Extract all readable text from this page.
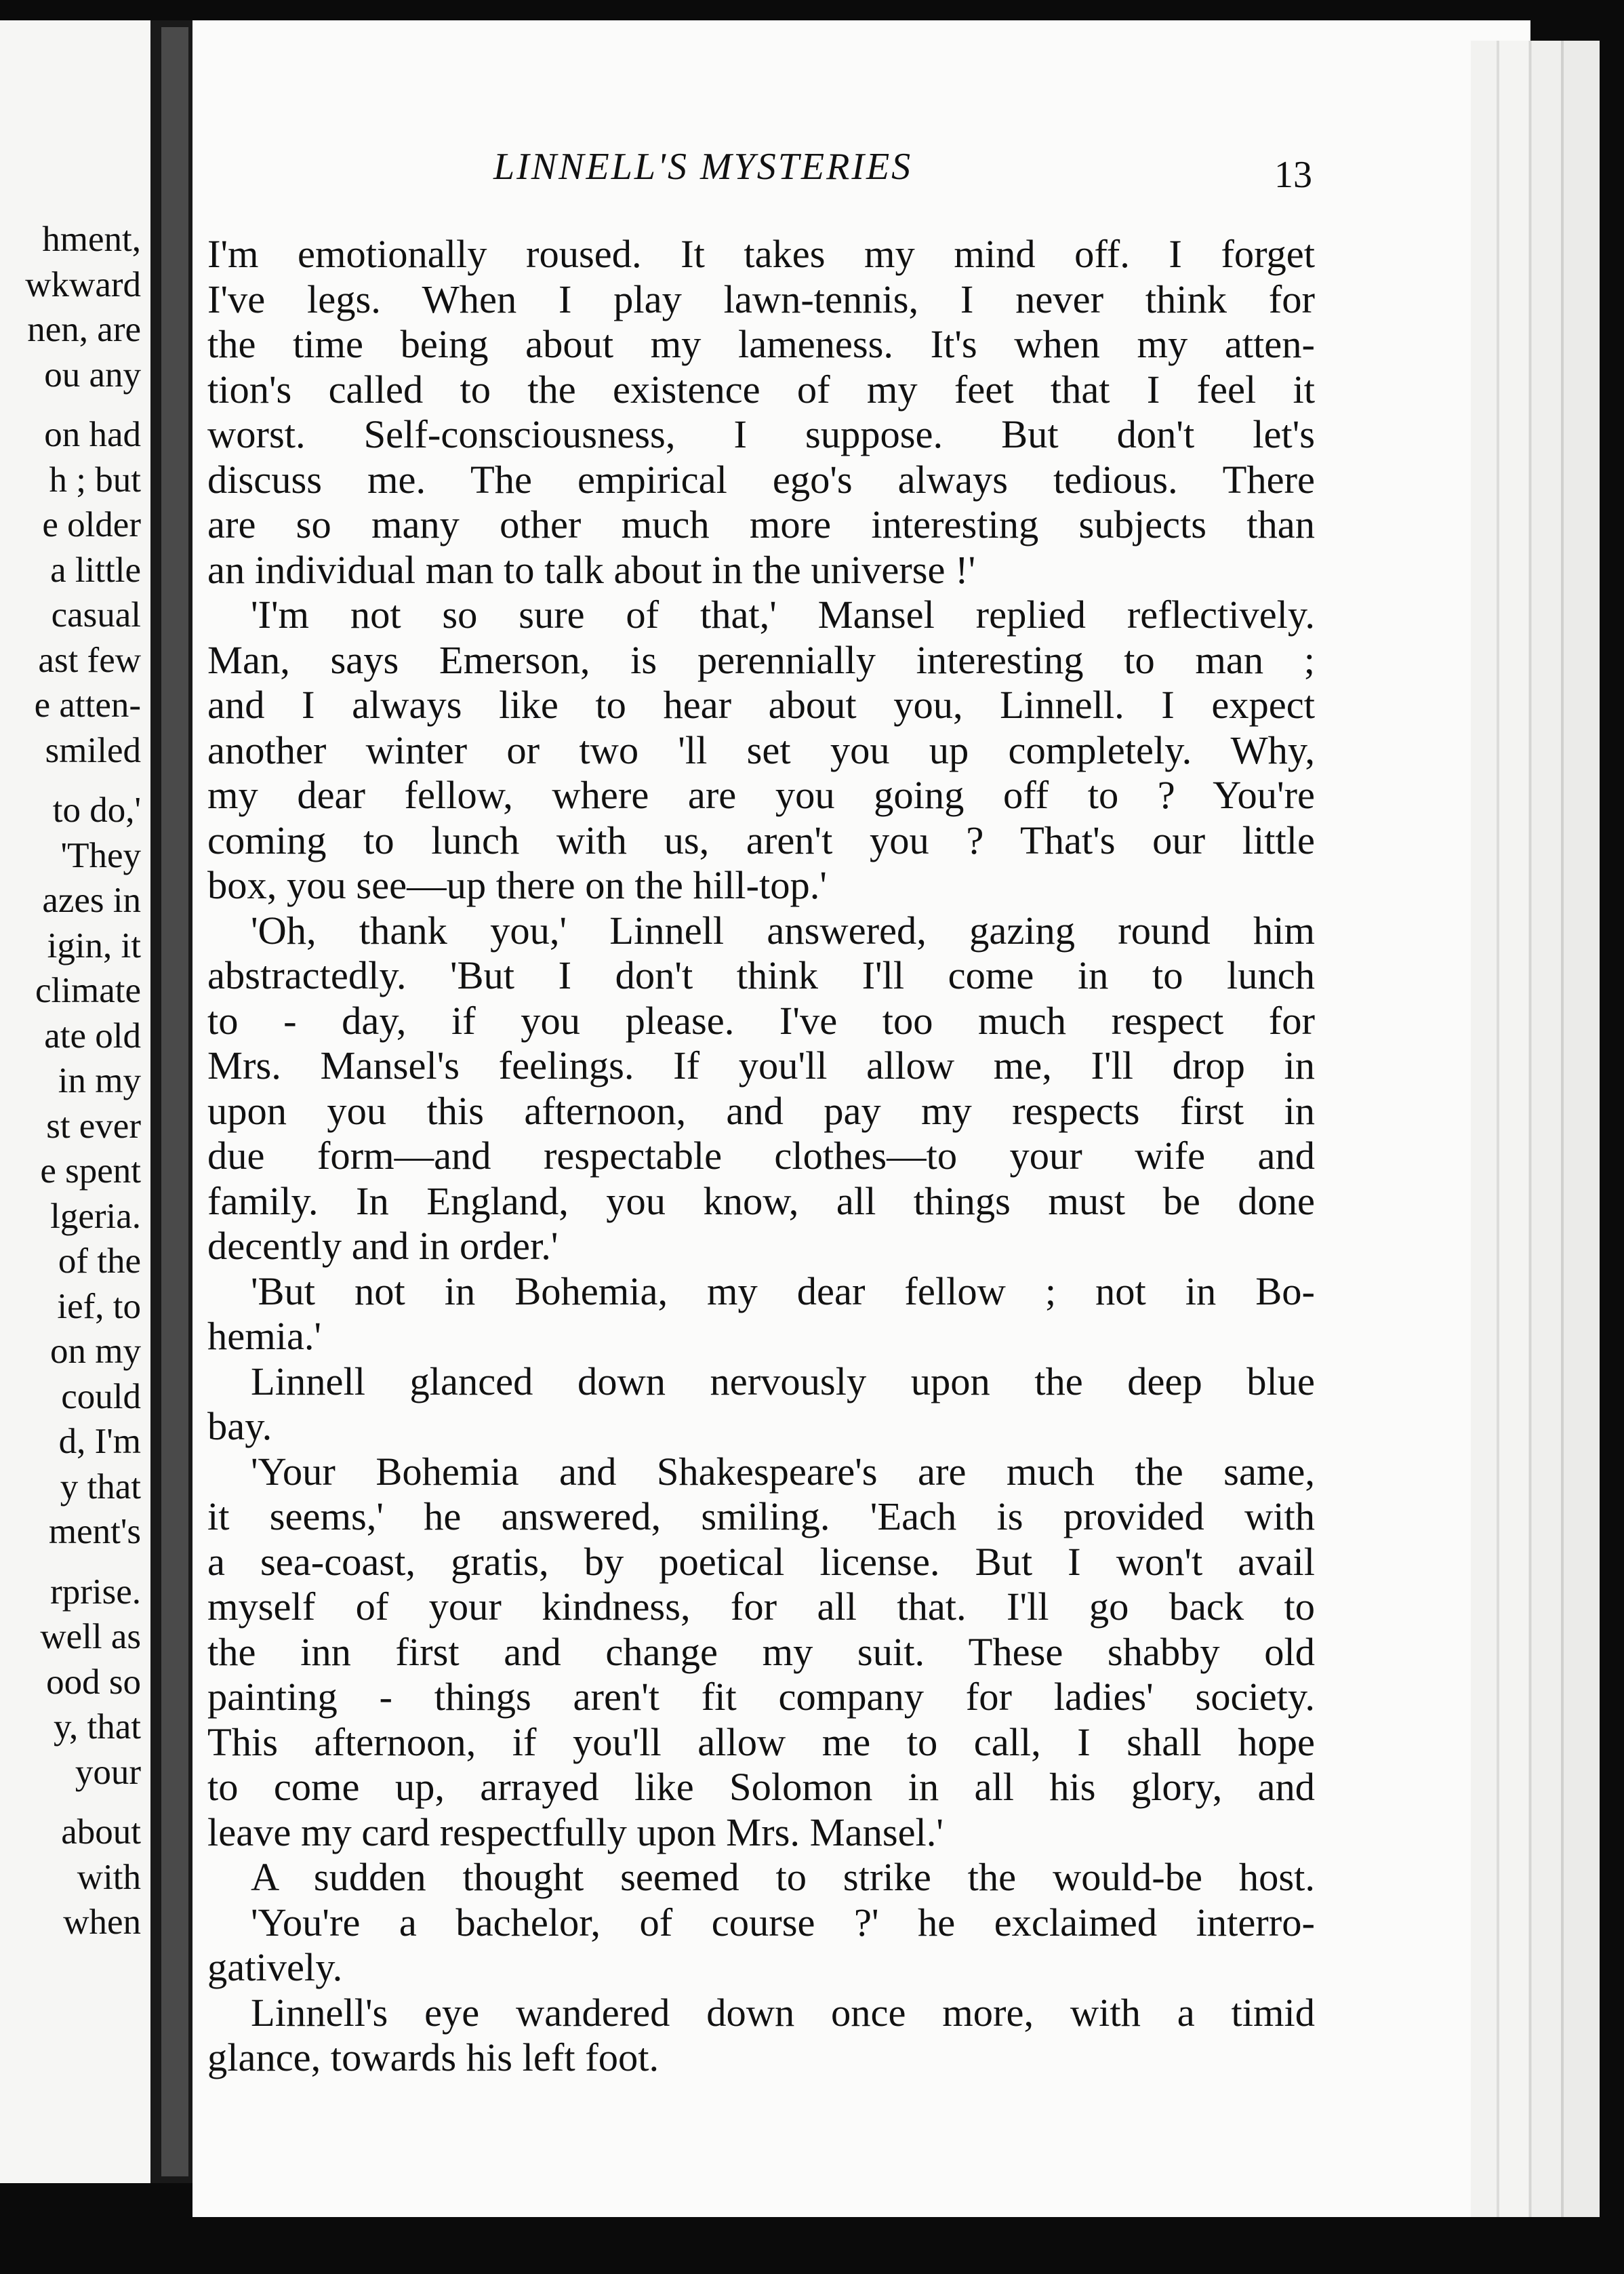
hment,
wkward
nen, are
ou any
on had
h ; but
e older
a little
casual
ast few
e atten-
smiled
to do,'
'They
azes in
igin, it
climate
ate old
in my
st ever
e spent
lgeria.
of the
ief, to
on my
could
d, I'm
y that
ment's
rprise.
well as
ood so
y, that
your
about
with
when
LINNELL'S MYSTERIES	13
I'm emotionally roused. It takes my mind off. I forget
I've legs. When I play lawn-tennis, I never think for
the time being about my lameness. It's when my atten-
tion's called to the existence of my feet that I feel it
worst. Self-consciousness, I suppose. But don't let's
discuss me. The empirical ego's always tedious. There
are so many other much more interesting subjects than
an individual man to talk about in the universe !'
'I'm not so sure of that,' Mansel replied reflectively.
Man, says Emerson, is perennially interesting to man ;
and I always like to hear about you, Linnell. I expect
another winter or two 'll set you up completely. Why,
my dear fellow, where are you going off to ? You're
coming to lunch with us, aren't you ? That's our little
box, you see—up there on the hill-top.'
'Oh, thank you,' Linnell answered, gazing round him
abstractedly. 'But I don't think I'll come in to lunch
to - day, if you please. I've too much respect for
Mrs. Mansel's feelings. If you'll allow me, I'll drop in
upon you this afternoon, and pay my respects first in
due form—and respectable clothes—to your wife and
family. In England, you know, all things must be done
decently and in order.'
'But not in Bohemia, my dear fellow ; not in Bo-
hemia.'
Linnell glanced down nervously upon the deep blue
bay.
'Your Bohemia and Shakespeare's are much the same,
it seems,' he answered, smiling. 'Each is provided with
a sea-coast, gratis, by poetical license. But I won't avail
myself of your kindness, for all that. I'll go back to
the inn first and change my suit. These shabby old
painting - things aren't fit company for ladies' society.
This afternoon, if you'll allow me to call, I shall hope
to come up, arrayed like Solomon in all his glory, and
leave my card respectfully upon Mrs. Mansel.'
A sudden thought seemed to strike the would-be host.
'You're a bachelor, of course ?' he exclaimed interro-
gatively.
Linnell's eye wandered down once more, with a timid
glance, towards his left foot.
